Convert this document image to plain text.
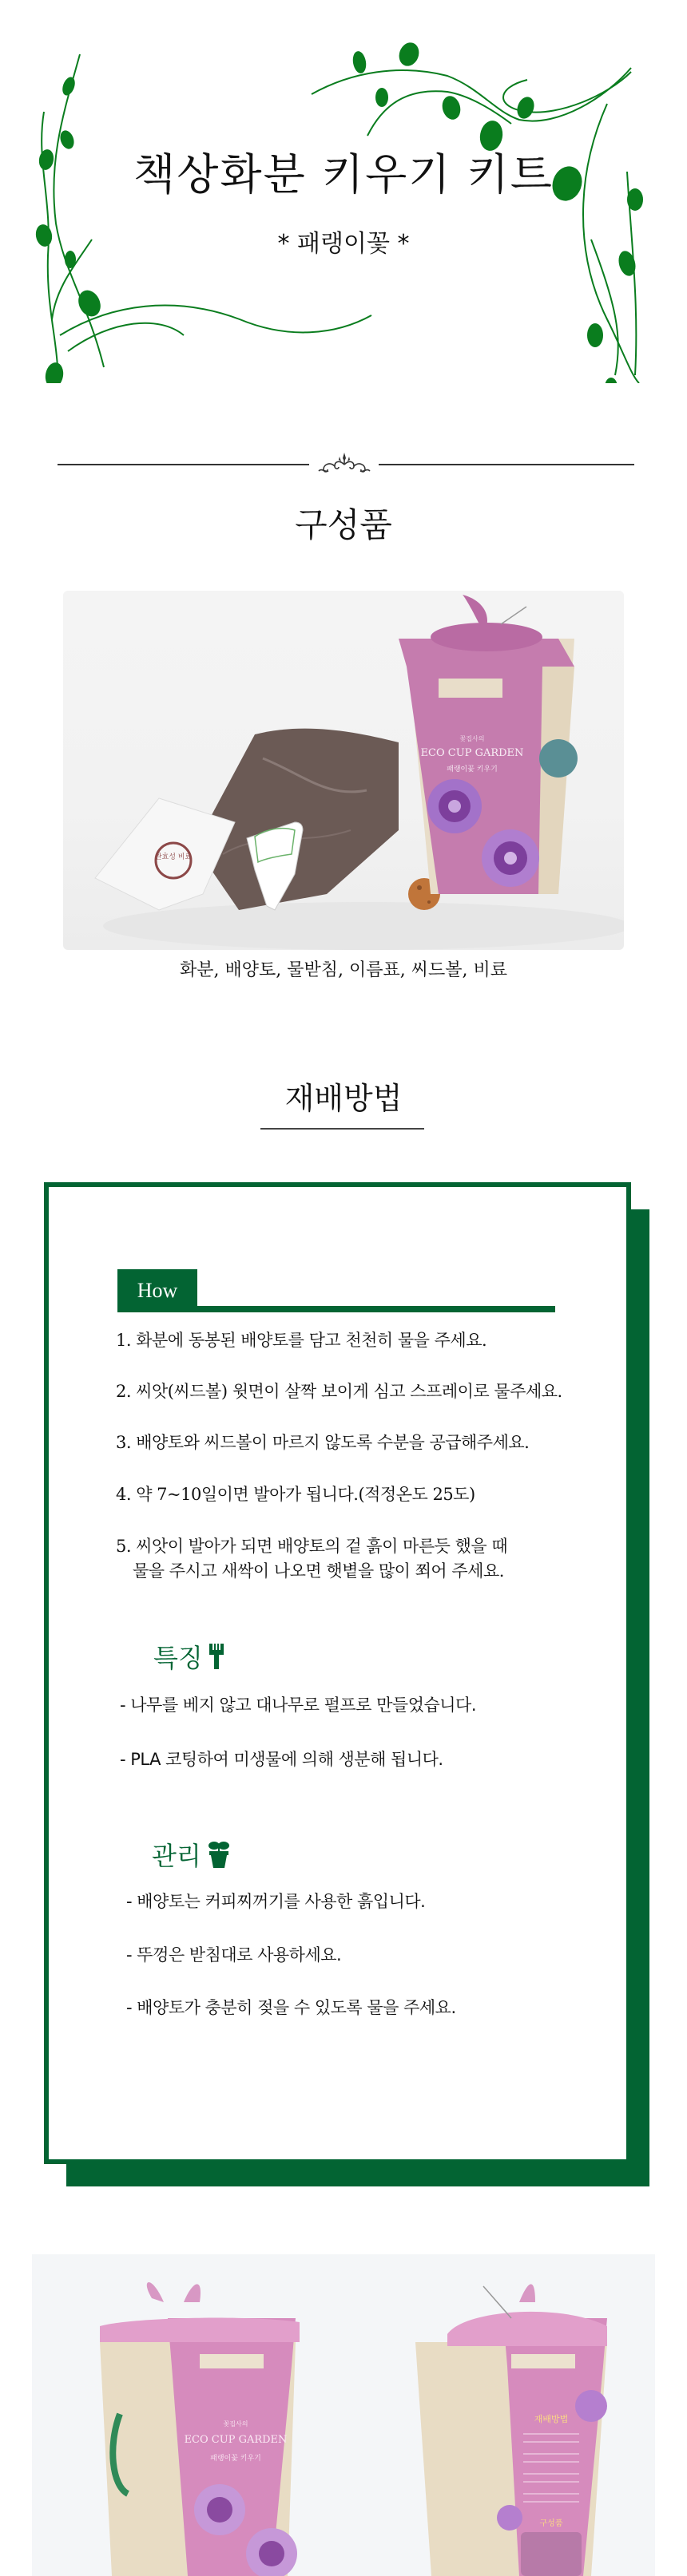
책상화분 키우기 키트
* 패랭이꽃 *
구성품
완효성 비료
꽃집사의
ECO CUP GARDEN
패랭이꽃 키우기
화분, 배양토, 물받침, 이름표, 씨드볼, 비료
재배방법
How
1. 화분에 동봉된 배양토를 담고 천천히 물을 주세요.
2. 씨앗(씨드볼) 윗면이 살짝 보이게 심고 스프레이로 물주세요.
3. 배양토와 씨드볼이 마르지 않도록 수분을 공급해주세요.
4. 약 7~10일이면 발아가 됩니다.(적정온도 25도)
5. 씨앗이 발아가 되면 배양토의 겉 흙이 마른듯 했을 때
물을 주시고 새싹이 나오면 햇볕을 많이 쬐어 주세요.
특징
- 나무를 베지 않고 대나무로 펄프로 만들었습니다.
- PLA 코팅하여 미생물에 의해 생분해 됩니다.
관리
- 배양토는 커피찌꺼기를 사용한 흙입니다.
- 뚜껑은 받침대로 사용하세요.
- 배양토가 충분히 젖을 수 있도록 물을 주세요.
꽃집사의
ECO CUP GARDEN
패랭이꽃 키우기
재배방법
구성품
